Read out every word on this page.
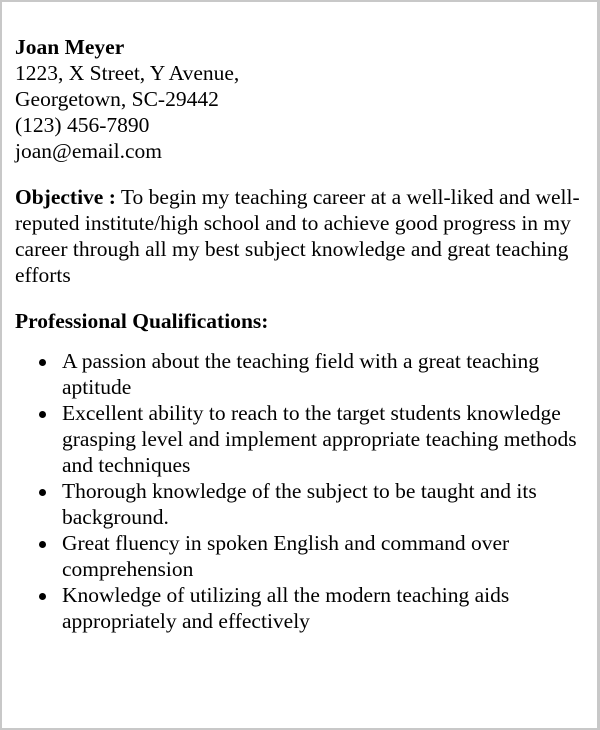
Joan Meyer
1223, X Street, Y Avenue,
Georgetown, SC-29442
(123) 456-7890
joan@email.com
Objective : To begin my teaching career at a well-liked and well-reputed institute/high school and to achieve good progress in my career through all my best subject knowledge and great teaching efforts
Professional Qualifications:
A passion about the teaching field with a great teaching aptitude
Excellent ability to reach to the target students knowledge grasping level and implement appropriate teaching methods and techniques
Thorough knowledge of the subject to be taught and its background.
Great fluency in spoken English and command over comprehension
Knowledge of utilizing all the modern teaching aids appropriately and effectively
